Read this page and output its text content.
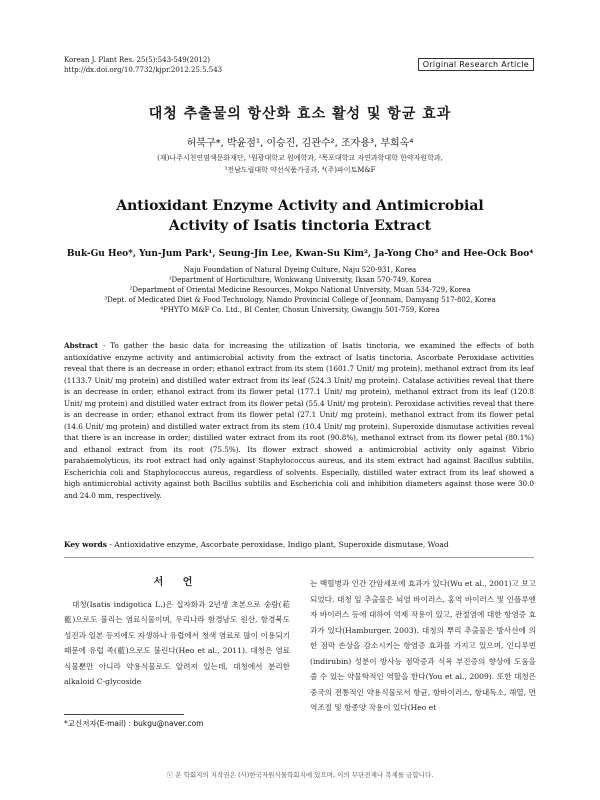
Korean J. Plant Res. 25(5):543-549(2012)
http://dx.doi.org/10.7732/kjpr.2012.25.5.543
Original Research Article
대청 추출물의 항산화 효소 활성 및 항균 효과
허북구*, 박윤점¹, 이승진, 김관수², 조자용³, 부희옥⁴
(재)나주시천연염색문화재단, ¹원광대학교 원예학과, ²목포대학교 자연과학대학 한약자원학과,
³전남도립대학 약선식품가공과, ⁴(주)파이토M&F
Antioxidant Enzyme Activity and Antimicrobial
Activity of Isatis tinctoria Extract
Buk-Gu Heo*, Yun-Jum Park¹, Seung-Jin Lee, Kwan-Su Kim², Ja-Yong Cho³ and Hee-Ock Boo⁴
Naju Foundation of Natural Dyeing Culture, Naju 520-931, Korea
¹Department of Horticulture, Wonkwang University, Iksan 570-749, Korea
²Department of Oriental Medicine Resources, Mokpo National University, Muan 534-729, Korea
³Dept. of Medicated Diet & Food Technology, Namdo Provincial College of Jeonnam, Damyang 517-802, Korea
⁴PHYTO M&F Co. Ltd., BI Center, Chosun University, Gwangju 501-759, Korea
Abstract - To gather the basic data for increasing the utilization of Isatis tinctoria, we examined the effects of both antioxidative enzyme activity and antimicrobial activity from the extract of Isatis tinctoria. Ascorbate Peroxidase activities reveal that there is an decrease in order; ethanol extract from its stem (1601.7 Unit/ mg protein), methanol extract from its leaf (1133.7 Unit/ mg protein) and distilled water extract from its leaf (524.3 Unit/ mg protein). Catalase activities reveal that there is an decrease in order; ethanol extract from its flower petal (177.1 Unit/ mg protein), methanol extract from its leaf (120.8 Unit/ mg protein) and distilled water extract from its flower petal (55.4 Unit/ mg protein). Peroxidase activities reveal that there is an decrease in order; ethanol extract from its flower petal (27.1 Unit/ mg protein), methanol extract from its flower petal (14.6 Unit/ mg protein) and distilled water extract from its stem (10.4 Unit/ mg protein). Superoxide dismutase activities reveal that there is an increase in order; distilled water extract from its root (90.8%), methanol extract from its flower petal (80.1%) and ethanol extract from its root (75.5%). Its flower extract showed a antimicrobial activity only against Vibrio parahaemolyticus, its root extract had only against Staphylococcus aureus, and its stem extract had against Bacillus subtilis, Escherichia coli and Staphylococcus aureus, regardless of solvents. Especially, distilled water extract from its leaf showed a high antimicrobial activity against both Bacillus subtilis and Escherichia coli and inhibition diameters against those were 30.0 and 24.0 mm, respectively.
Key words - Antioxidative enzyme, Ascorbate peroxidase, Indigo plant, Superoxide dismutase, Woad
서 언
대청(Isatis indigotica L.)은 십자화과 2년생 초본으로 숭람(菘藍)으로도 불리는 염료식물이며, 우리나라 함경남도 원산, 함경북도 성진과 일본 등지에도 자생하나 유럽에서 청색 염료로 많이 이용되기 때문에 유럽 족(藍)으로도 불린다(Heo et al., 2011). 대청은 염료식물뿐만 아니라 약용식물로도 알려져 있는데, 대청에서 분리한 alkaloid C-glycoside
는 백혈병과 인간 간암세포에 효과가 있다(Wu et al., 2001)고 보고되었다. 대청 잎 추출물은 뇌염 바이러스, 홍역 바이러스 및 인플루엔자 바이러스 등에 대하여 억제 작용이 있고, 관절염에 대한 항염증 효과가 있다(Hamburger, 2003). 대청의 뿌리 추출물은 방사선에 의한 점막 손상을 감소시키는 항염증 효과를 가지고 있으며, 인디루빈(indirubin) 성분이 방사능 점막증과 식욕 부진증의 향상에 도움을 줄 수 있는 약물학적인 역할을 한다(You et al., 2009). 또한 대청은 중국의 전통적인 약용식물로서 항균, 항바이러스, 항내독소, 해열, 면역조절 및 항종양 작용이 있다(Heo et
*교신저자(E-mail) : bukgu@naver.com
ⓒ 본 학회지의 저작권은 (사)한국자원식물학회지에 있으며, 이의 무단전재나 복제를 금합니다.
